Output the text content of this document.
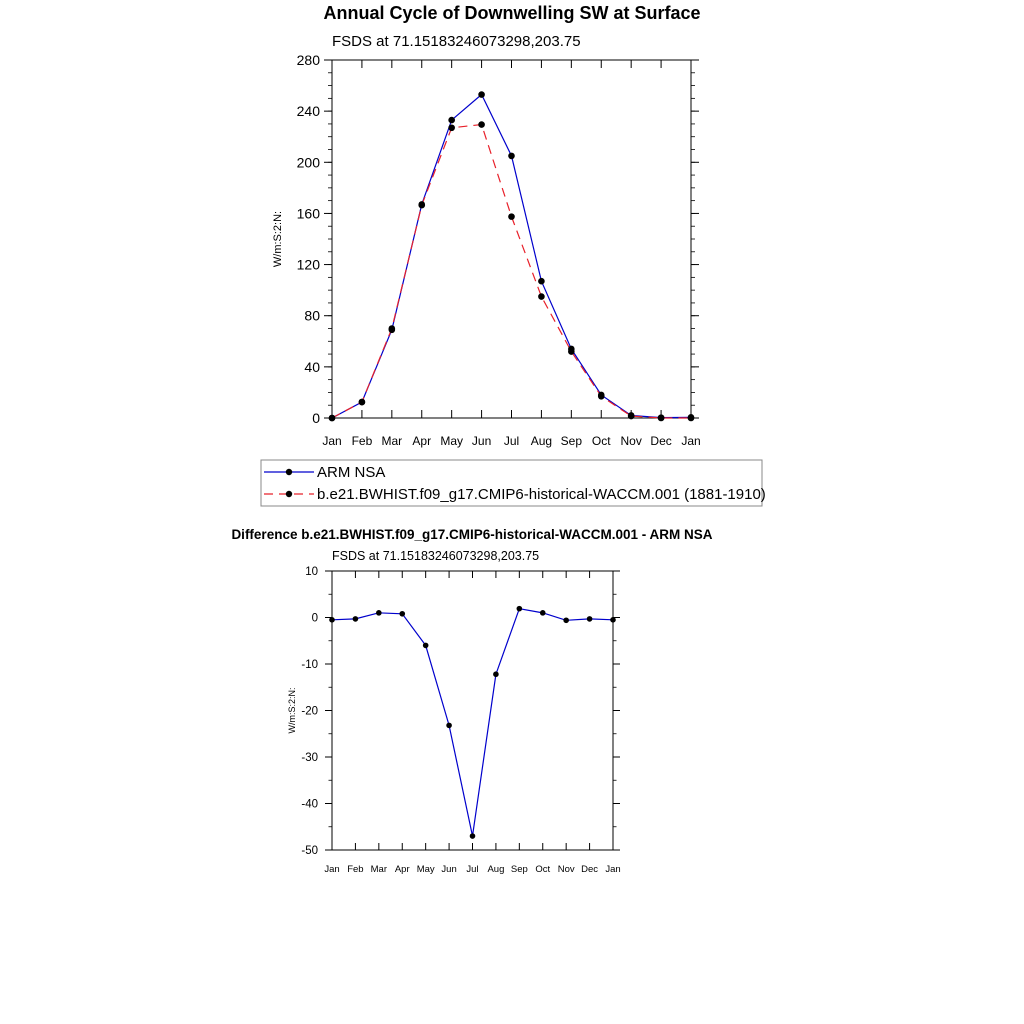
Annual Cycle of Downwelling SW at Surface
FSDS at 71.15183246073298,203.75
Jan Feb Mar Apr May Jun Jul Aug Sep Oct Nov Dec Jan
0
40
80
120
160
200
240
280
W/m:S:2:N:
ARM NSA
b.e21.BWHIST.f09_g17.CMIP6-historical-WACCM.001 (1881-1910)
Difference b.e21.BWHIST.f09_g17.CMIP6-historical-WACCM.001 - ARM NSA
FSDS at 71.15183246073298,203.75
Jan Feb Mar Apr May Jun Jul Aug Sep Oct Nov Dec Jan
10
0
-10
-20
-30
-40
-50
W/m:S:2:N:
